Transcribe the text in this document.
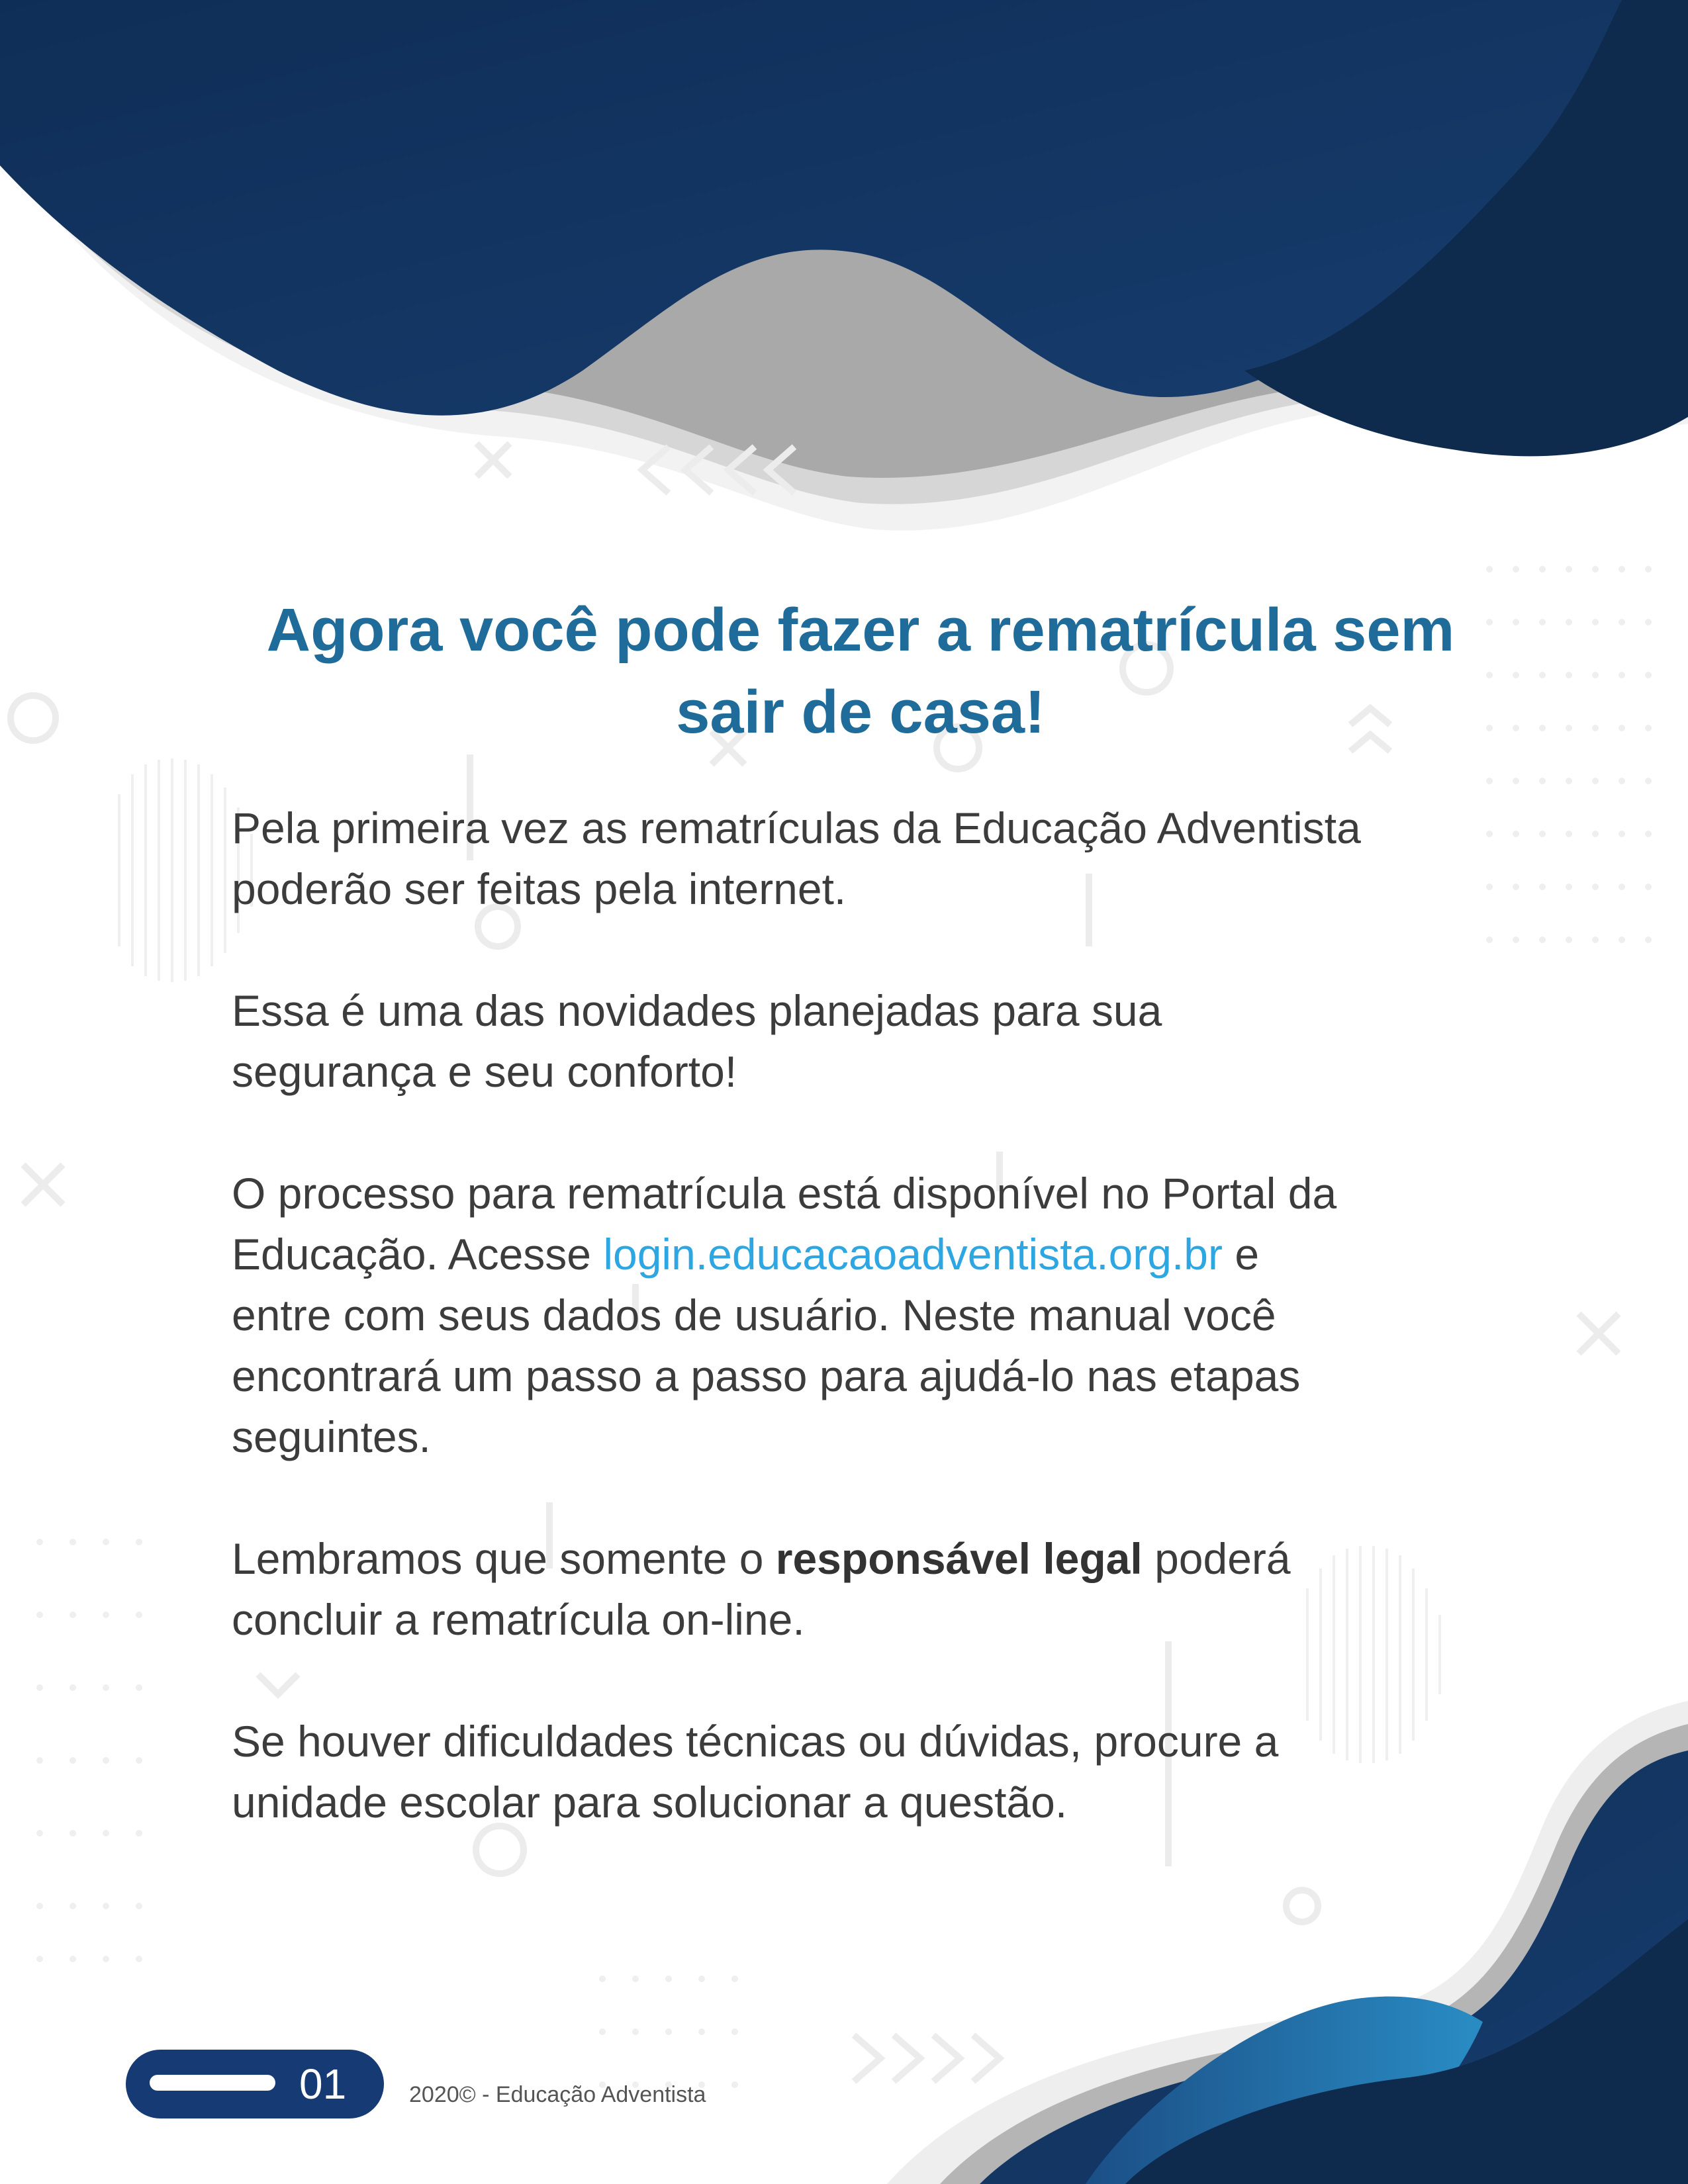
Agora você pode fazer a rematrícula sem
sair de casa!

Pela primeira vez as rematrículas da Educação Adventista
poderão ser feitas pela internet.

Essa é uma das novidades planejadas para sua
segurança e seu conforto!

O processo para rematrícula está disponível no Portal da
Educação. Acesse login.educacaoadventista.org.br e
entre com seus dados de usuário. Neste manual você
encontrará um passo a passo para ajudá-lo nas etapas
seguintes.

Lembramos que somente o responsável legal poderá
concluir a rematrícula on-line.

Se houver dificuldades técnicas ou dúvidas, procure a
unidade escolar para solucionar a questão.

01	2020© - Educação Adventista
